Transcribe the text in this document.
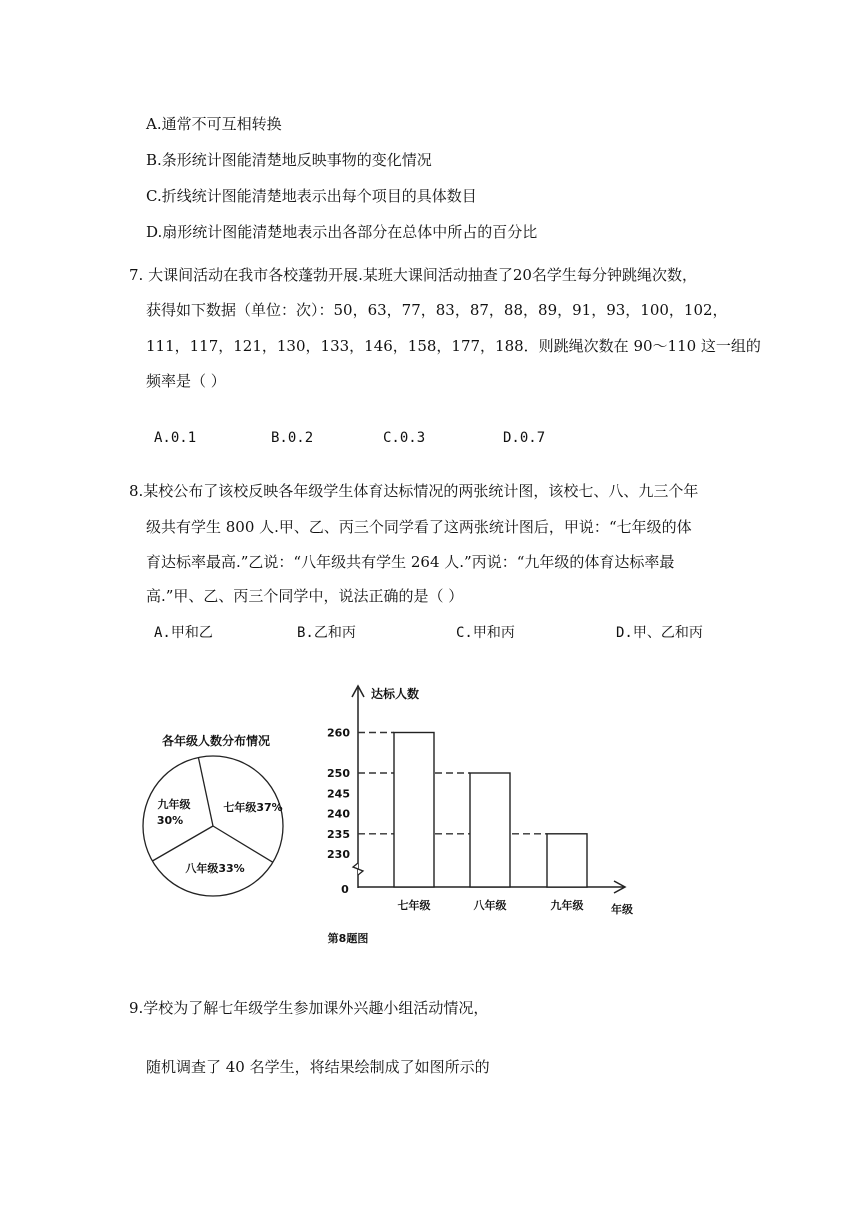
A.通常不可互相转换
B.条形统计图能清楚地反映事物的变化情况
C.折线统计图能清楚地表示出每个项目的具体数目
D.扇形统计图能清楚地表示出各部分在总体中所占的百分比
7. 大课间活动在我市各校蓬勃开展.某班大课间活动抽查了20名学生每分钟跳绳次数，
获得如下数据（单位：次）：50，63，77，83，87，88，89，91，93，100，102，
111，117，121，130，133，146，158，177，188．则跳绳次数在 90～110 这一组的
频率是（ ）
A.0.1	B.0.2	C.0.3	D.0.7
8.某校公布了该校反映各年级学生体育达标情况的两张统计图，该校七、八、九三个年
级共有学生 800 人.甲、乙、丙三个同学看了这两张统计图后，甲说：“七年级的体
育达标率最高.”乙说：“八年级共有学生 264 人.”丙说：“九年级的体育达标率最
高.”甲、乙、丙三个同学中，说法正确的是（ ）
A.甲和乙	B.乙和丙	C.甲和丙	D.甲、乙和丙
各年级人数分布情况
七年级37%
八年级33%
九年级
30%
达标人数
0
年级
260
250
245
240
235
230
七年级	八年级	九年级
第8题图
9.学校为了解七年级学生参加课外兴趣小组活动情况，
随机调查了 40 名学生，将结果绘制成了如图所示的
